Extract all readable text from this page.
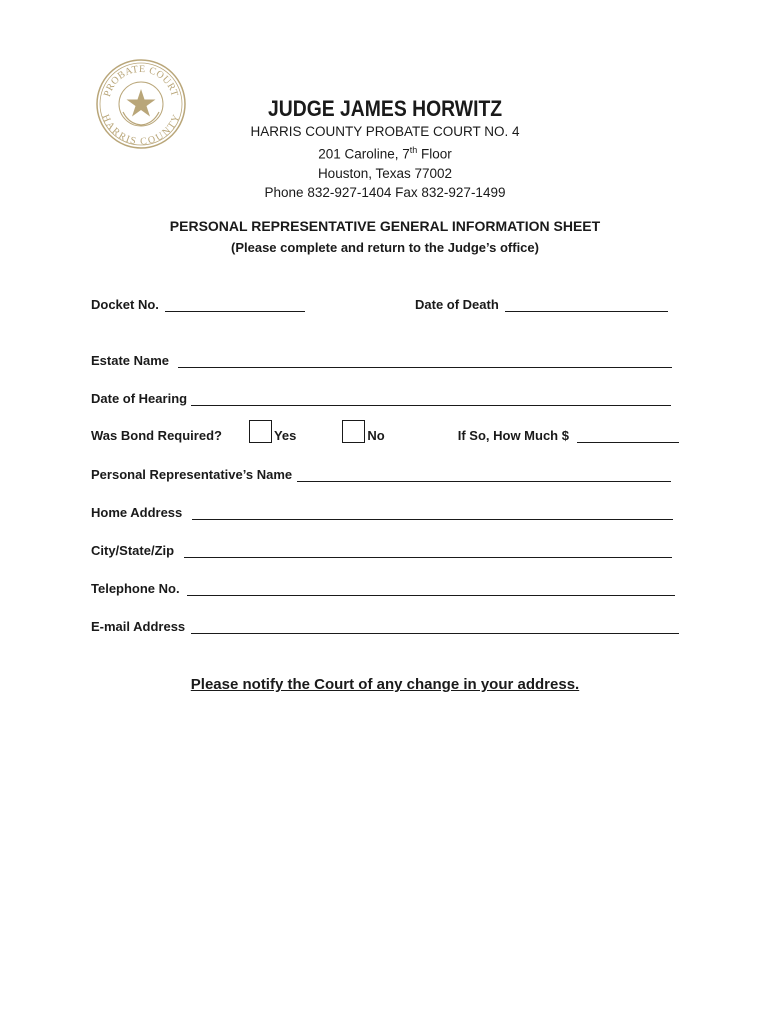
PROBATE COURT
HARRIS COUNTY	JUDGE JAMES HORWITZ
HARRIS COUNTY PROBATE COURT NO. 4
201 Caroline, 7th Floor
Houston, Texas 77002
Phone 832-927-1404 Fax 832-927-1499
PERSONAL REPRESENTATIVE GENERAL INFORMATION SHEET
(Please complete and return to the Judge’s office)
Docket No.	Date of Death
Estate Name
Date of Hearing
Was Bond Required?	Yes	No	If So, How Much $
Personal Representative’s Name
Home Address
City/State/Zip
Telephone No.
E-mail Address
Please notify the Court of any change in your address.
